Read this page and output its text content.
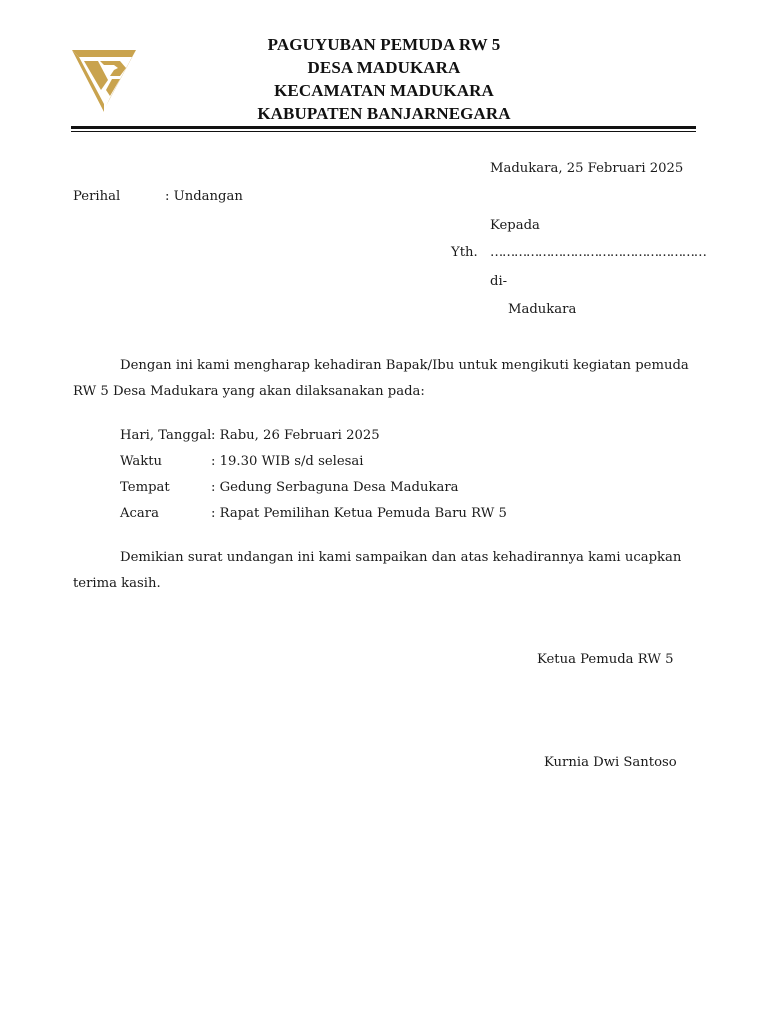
PAGUYUBAN PEMUDA RW 5
DESA MADUKARA
KECAMATAN MADUKARA
KABUPATEN BANJARNEGARA
Madukara, 25 Februari 2025
Perihal	: Undangan
Kepada
Yth. ………………………………………………
di-
Madukara
Dengan ini kami mengharap kehadiran Bapak/Ibu untuk mengikuti kegiatan pemuda
RW 5 Desa Madukara yang akan dilaksanakan pada:
Hari, Tanggal : Rabu, 26 Februari 2025
Waktu	: 19.30 WIB s/d selesai
Tempat	: Gedung Serbaguna Desa Madukara
Acara	: Rapat Pemilihan Ketua Pemuda Baru RW 5
Demikian surat undangan ini kami sampaikan dan atas kehadirannya kami ucapkan
terima kasih.
Ketua Pemuda RW 5
Kurnia Dwi Santoso
